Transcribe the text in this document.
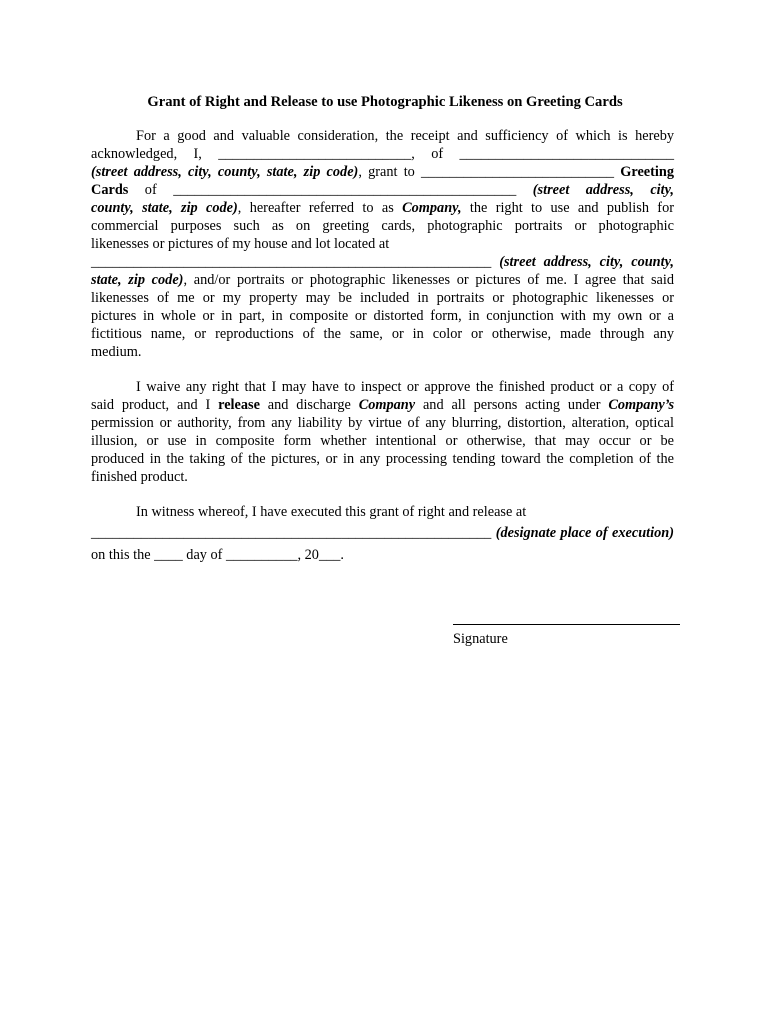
Grant of Right and Release to use Photographic Likeness on Greeting Cards
For a good and valuable consideration, the receipt and sufficiency of which is hereby
acknowledged, I, ___________________________, of ______________________________
(street address, city, county, state, zip code), grant to ___________________________ Greeting
Cards of ________________________________________________ (street address, city,
county, state, zip code), hereafter referred to as Company, the right to use and publish for
commercial purposes such as on greeting cards, photographic portraits or photographic
likenesses or pictures of my house and lot located at
________________________________________________________ (street address, city, county,
state, zip code), and/or portraits or photographic likenesses or pictures of me. I agree that said
likenesses of me or my property may be included in portraits or photographic likenesses or
pictures in whole or in part, in composite or distorted form, in conjunction with my own or a
fictitious name, or reproductions of the same, or in color or otherwise, made through any
medium.
I waive any right that I may have to inspect or approve the finished product or a copy of
said product, and I release and discharge Company and all persons acting under Company’s
permission or authority, from any liability by virtue of any blurring, distortion, alteration, optical
illusion, or use in composite form whether intentional or otherwise, that may occur or be
produced in the taking of the pictures, or in any processing tending toward the completion of the
finished product.
In witness whereof, I have executed this grant of right and release at
________________________________________________________ (designate place of execution)
on this the ____ day of __________, 20___.
Signature
